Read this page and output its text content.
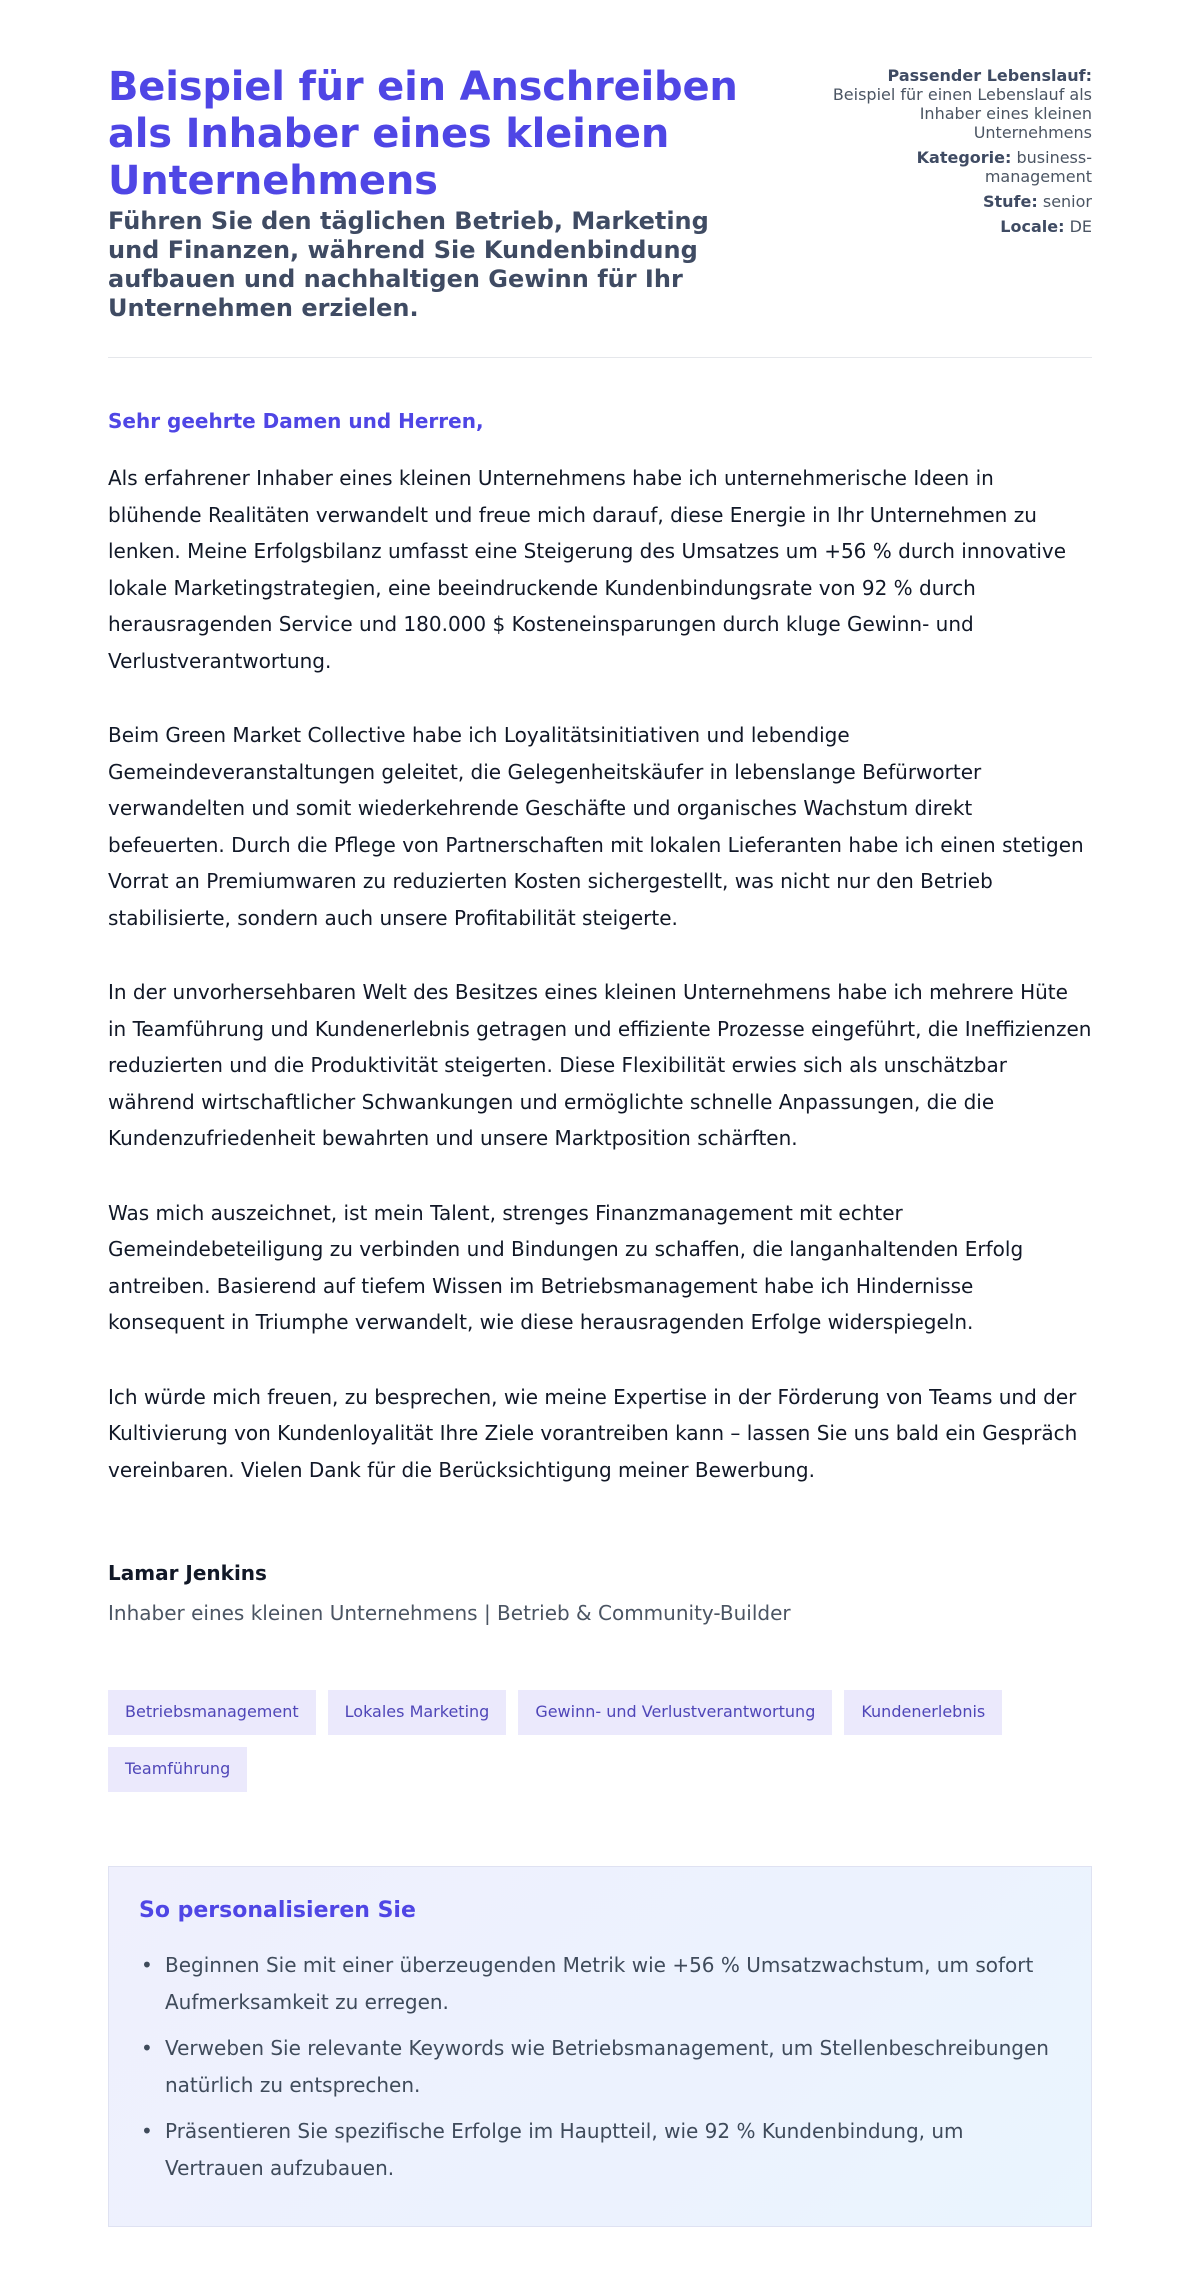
Beispiel für ein Anschreiben als Inhaber eines kleinen Unternehmens
Führen Sie den täglichen Betrieb, Marketing und Finanzen, während Sie Kundenbindung aufbauen und nachhaltigen Gewinn für Ihr Unternehmen erzielen.
Passender Lebenslauf:
Beispiel für einen Lebenslauf als Inhaber eines kleinen Unternehmens
Kategorie: business-management
Stufe: senior
Locale: DE

Sehr geehrte Damen und Herren,

Als erfahrener Inhaber eines kleinen Unternehmens habe ich unternehmerische Ideen in blühende Realitäten verwandelt und freue mich darauf, diese Energie in Ihr Unternehmen zu lenken. Meine Erfolgsbilanz umfasst eine Steigerung des Umsatzes um +56 % durch innovative lokale Marketingstrategien, eine beeindruckende Kundenbindungsrate von 92 % durch herausragenden Service und 180.000 $ Kosteneinsparungen durch kluge Gewinn- und Verlustverantwortung.

Beim Green Market Collective habe ich Loyalitätsinitiativen und lebendige Gemeindeveranstaltungen geleitet, die Gelegenheitskäufer in lebenslange Befürworter verwandelten und somit wiederkehrende Geschäfte und organisches Wachstum direkt befeuerten. Durch die Pflege von Partnerschaften mit lokalen Lieferanten habe ich einen stetigen Vorrat an Premiumwaren zu reduzierten Kosten sichergestellt, was nicht nur den Betrieb stabilisierte, sondern auch unsere Profitabilität steigerte.

In der unvorhersehbaren Welt des Besitzes eines kleinen Unternehmens habe ich mehrere Hüte in Teamführung und Kundenerlebnis getragen und effiziente Prozesse eingeführt, die Ineffizienzen reduzierten und die Produktivität steigerten. Diese Flexibilität erwies sich als unschätzbar während wirtschaftlicher Schwankungen und ermöglichte schnelle Anpassungen, die die Kundenzufriedenheit bewahrten und unsere Marktposition schärften.

Was mich auszeichnet, ist mein Talent, strenges Finanzmanagement mit echter Gemeindebeteiligung zu verbinden und Bindungen zu schaffen, die langanhaltenden Erfolg antreiben. Basierend auf tiefem Wissen im Betriebsmanagement habe ich Hindernisse konsequent in Triumphe verwandelt, wie diese herausragenden Erfolge widerspiegeln.

Ich würde mich freuen, zu besprechen, wie meine Expertise in der Förderung von Teams und der Kultivierung von Kundenloyalität Ihre Ziele vorantreiben kann – lassen Sie uns bald ein Gespräch vereinbaren. Vielen Dank für die Berücksichtigung meiner Bewerbung.

Lamar Jenkins
Inhaber eines kleinen Unternehmens | Betrieb & Community-Builder
Betriebsmanagement	Lokales Marketing	Gewinn- und Verlustverantwortung	Kundenerlebnis
Teamführung
So personalisieren Sie
• Beginnen Sie mit einer überzeugenden Metrik wie +56 % Umsatzwachstum, um sofort Aufmerksamkeit zu erregen.
• Verweben Sie relevante Keywords wie Betriebsmanagement, um Stellenbeschreibungen natürlich zu entsprechen.
• Präsentieren Sie spezifische Erfolge im Hauptteil, wie 92 % Kundenbindung, um Vertrauen aufzubauen.
